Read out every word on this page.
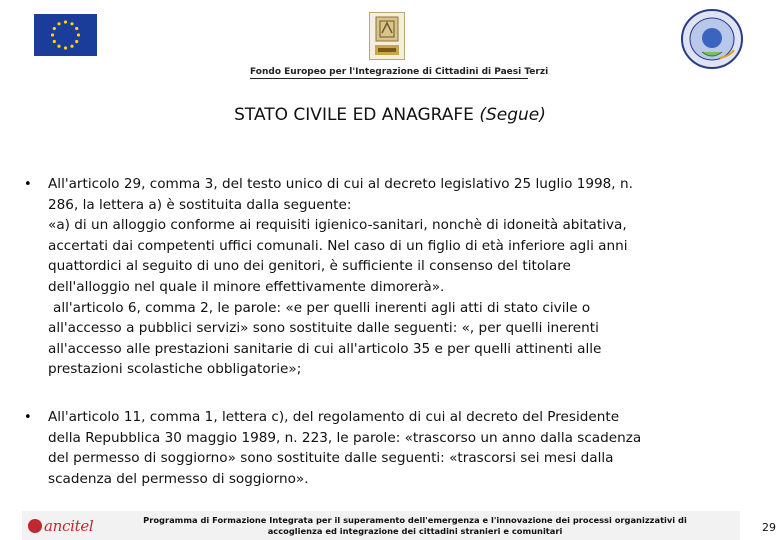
Fondo Europeo per l'Integrazione di Cittadini di Paesi Terzi
STATO CIVILE ED ANAGRAFE (Segue)
• All'articolo 29, comma 3, del testo unico di cui al decreto legislativo 25 luglio 1998, n.
286, la lettera a) è sostituita dalla seguente:
«a) di un alloggio conforme ai requisiti igienico-sanitari, nonchè di idoneità abitativa,
accertati dai competenti uffici comunali. Nel caso di un figlio di età inferiore agli anni
quattordici al seguito di uno dei genitori, è sufficiente il consenso del titolare
dell'alloggio nel quale il minore effettivamente dimorerà».
all'articolo 6, comma 2, le parole: «e per quelli inerenti agli atti di stato civile o
all'accesso a pubblici servizi» sono sostituite dalle seguenti: «, per quelli inerenti
all'accesso alle prestazioni sanitarie di cui all'articolo 35 e per quelli attinenti alle
prestazioni scolastiche obbligatorie»;
• All'articolo 11, comma 1, lettera c), del regolamento di cui al decreto del Presidente
della Repubblica 30 maggio 1989, n. 223, le parole: «trascorso un anno dalla scadenza
del permesso di soggiorno» sono sostituite dalle seguenti: «trascorsi sei mesi dalla
scadenza del permesso di soggiorno».
ancitel	Programma di Formazione Integrata per il superamento dell'emergenza e l'innovazione dei processi organizzativi di
accoglienza ed integrazione dei cittadini stranieri e comunitari	29
